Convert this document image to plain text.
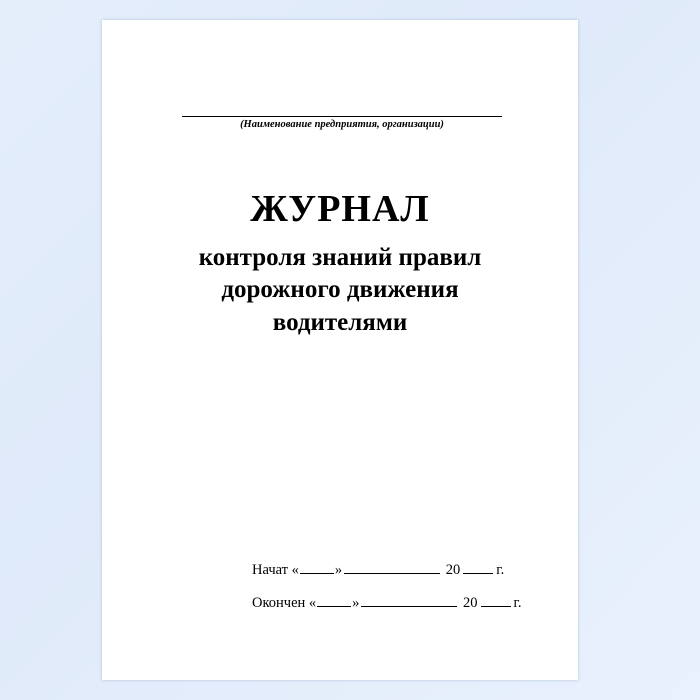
(Наименование предприятия, организации)
ЖУРНАЛ
контроля знаний правил
дорожного движения
водителями
Начат « »	20 г.
Окончен « »	20 г.
